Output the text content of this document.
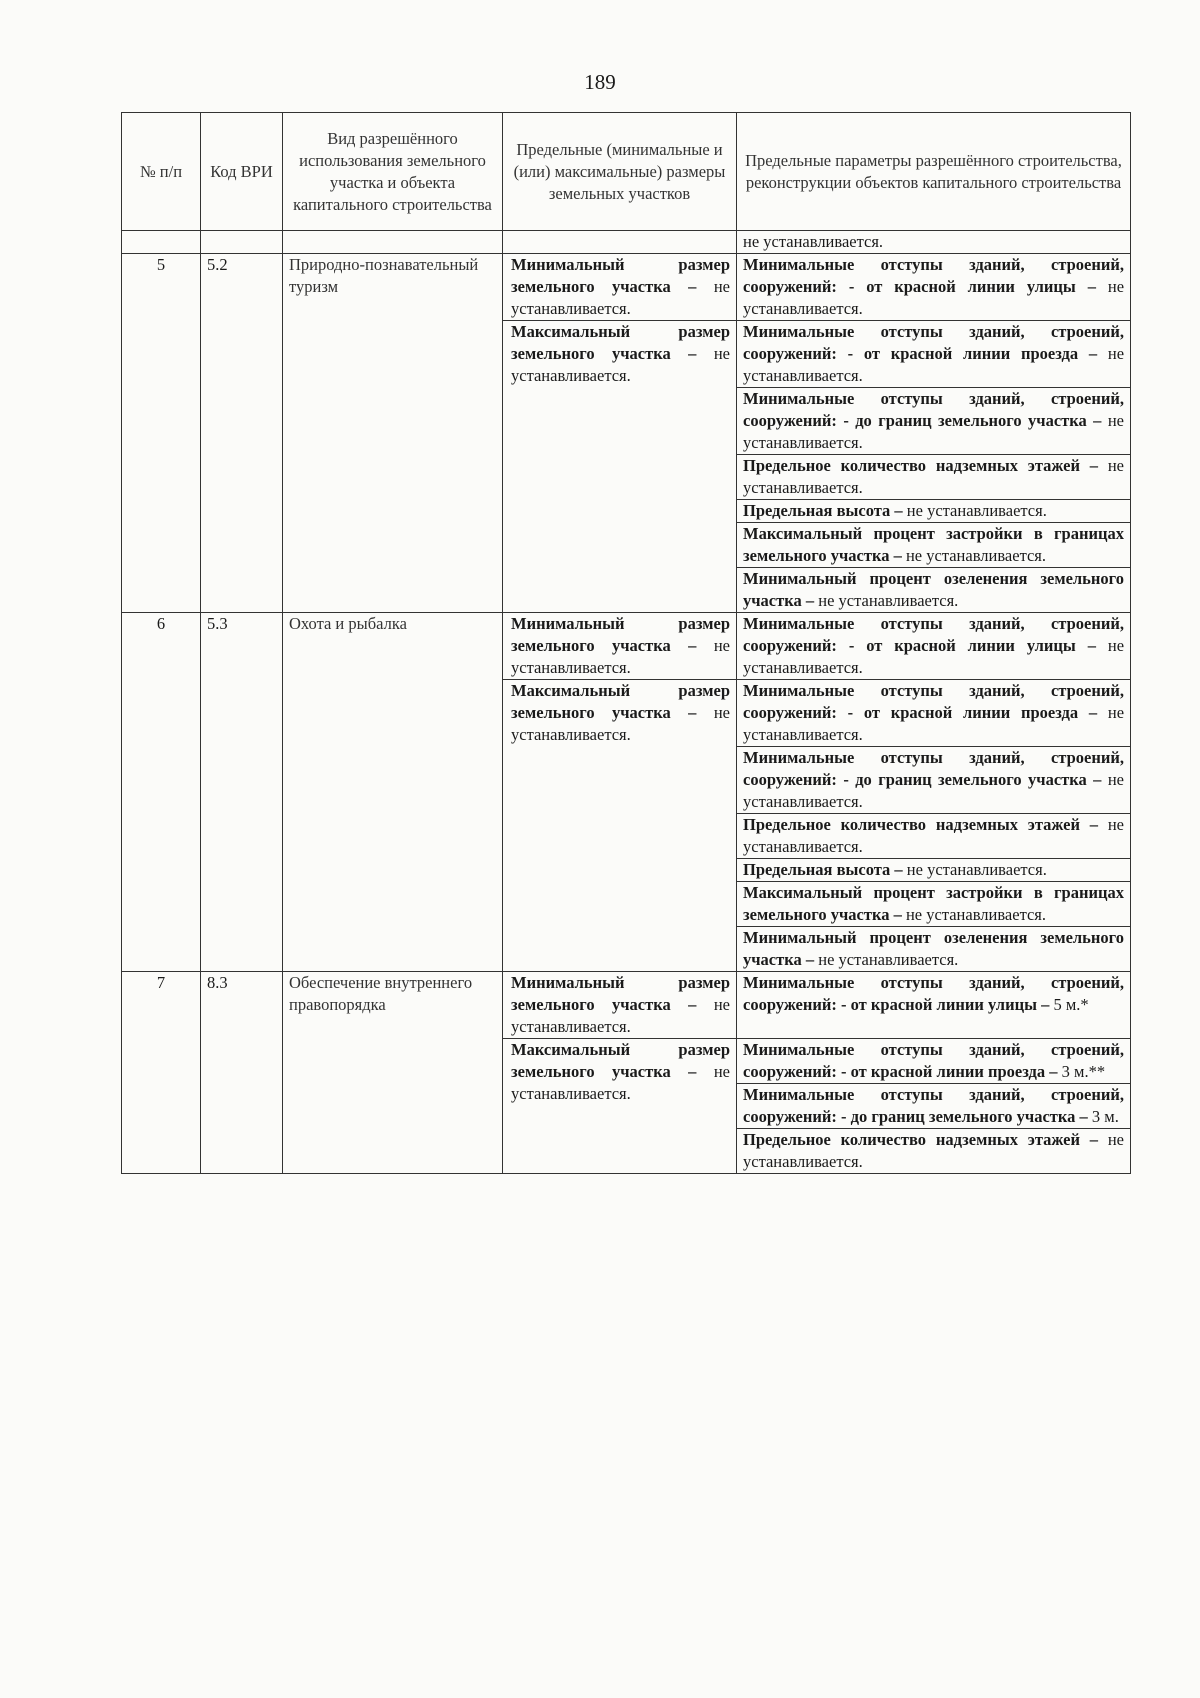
189
№ п/п	Код ВРИ	Вид разрешённого использования земельного участка и объекта капитального строительства	Предельные (минимальные и (или) максимальные) размеры земельных участков	Предельные параметры разрешённого строительства, реконструкции объектов капитального строительства
				не устанавливается.
5	5.2	Природно-познавательный туризм	Минимальный размер земельного участка – не устанавливается.	Минимальные отступы зданий, строений, сооружений: - от красной линии улицы – не устанавливается.
			Максимальный размер земельного участка – не устанавливается.	Минимальные отступы зданий, строений, сооружений: - от красной линии проезда – не устанавливается.
				Минимальные отступы зданий, строений, сооружений: - до границ земельного участка – не устанавливается.
				Предельное количество надземных этажей – не устанавливается.
				Предельная высота – не устанавливается.
				Максимальный процент застройки в границах земельного участка – не устанавливается.
				Минимальный процент озеленения земельного участка – не устанавливается.
6	5.3	Охота и рыбалка	Минимальный размер земельного участка – не устанавливается.	Минимальные отступы зданий, строений, сооружений: - от красной линии улицы – не устанавливается.
			Максимальный размер земельного участка – не устанавливается.	Минимальные отступы зданий, строений, сооружений: - от красной линии проезда – не устанавливается.
				Минимальные отступы зданий, строений, сооружений: - до границ земельного участка – не устанавливается.
				Предельное количество надземных этажей – не устанавливается.
				Предельная высота – не устанавливается.
				Максимальный процент застройки в границах земельного участка – не устанавливается.
				Минимальный процент озеленения земельного участка – не устанавливается.
7	8.3	Обеспечение внутреннего правопорядка	Минимальный размер земельного участка – не устанавливается.	Минимальные отступы зданий, строений, сооружений: - от красной линии улицы – 5 м.*
			Максимальный размер земельного участка – не устанавливается.	Минимальные отступы зданий, строений, сооружений: - от красной линии проезда – 3 м.**
				Минимальные отступы зданий, строений, сооружений: - до границ земельного участка – 3 м.
				Предельное количество надземных этажей – не устанавливается.
